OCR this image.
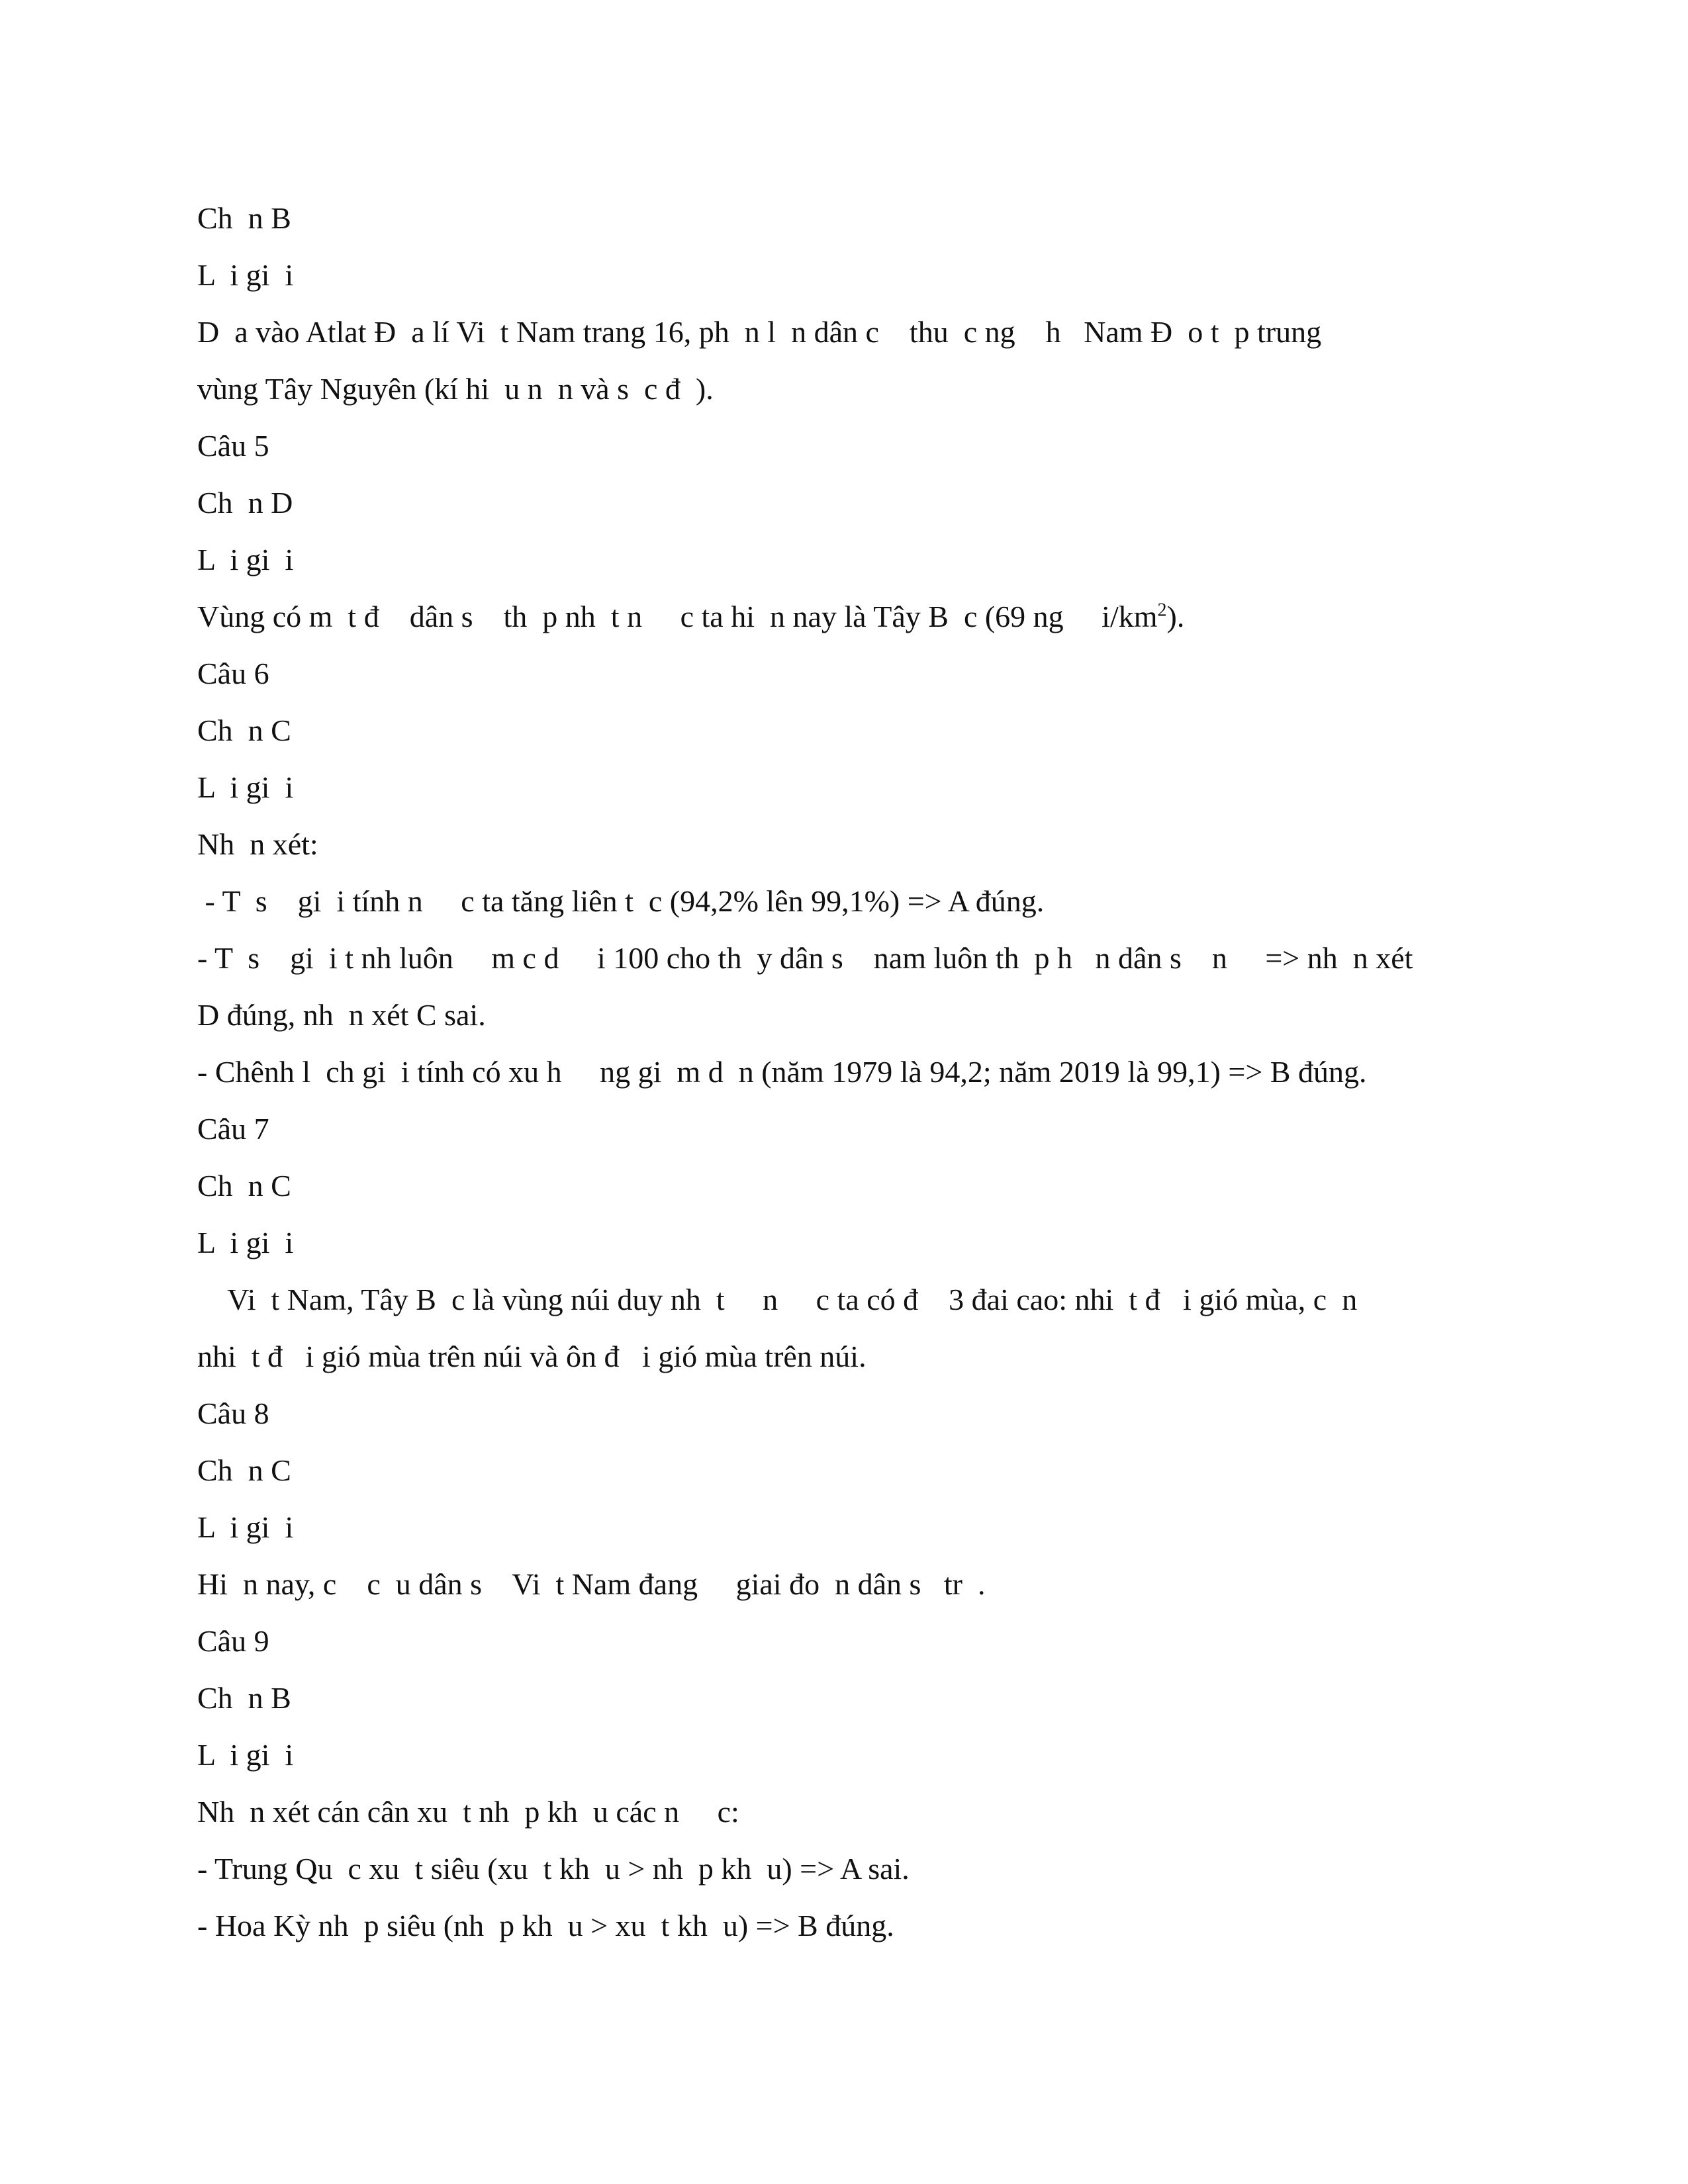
Ch  n B
L  i gi  i
D  a vào Atlat Đ  a lí Vi  t Nam trang 16, ph  n l  n dân c    thu  c ng    h   Nam Đ  o t  p trung
vùng Tây Nguyên (kí hi  u n  n và s  c đ  ).
Câu 5
Ch  n D
L  i gi  i
Vùng có m  t đ    dân s    th  p nh  t n     c ta hi  n nay là Tây B  c (69 ng     $i/km^2$).
Câu 6
Ch  n C
L  i gi  i
Nh  n xét:
- T  s    gi  i tính n     c ta tăng liên t  c (94,2% lên 99,1%) => A đúng.
- T  s    gi  i t nh luôn     m c d     i 100 cho th  y dân s    nam luôn th  p h   n dân s    n     => nh  n xét
D đúng, nh  n xét C sai.
- Chênh l  ch gi  i tính có xu h     ng gi  m d  n (năm 1979 là 94,2; năm 2019 là 99,1) => B đúng.
Câu 7
Ch  n C
L  i gi  i
Vi  t Nam, Tây B  c là vùng núi duy nh  t     n     c ta có đ    3 đai cao: nhi  t đ   i gió mùa, c  n
nhi  t đ   i gió mùa trên núi và ôn đ   i gió mùa trên núi.
Câu 8
Ch  n C
L  i gi  i
Hi  n nay, c    c  u dân s    Vi  t Nam đang     giai đo  n dân s   tr  .
Câu 9
Ch  n B
L  i gi  i
Nh  n xét cán cân xu  t nh  p kh  u các n     c:
- Trung Qu  c xu  t siêu (xu  t kh  u > nh  p kh  u) => A sai.
- Hoa Kỳ nh  p siêu (nh  p kh  u > xu  t kh  u) => B đúng.
